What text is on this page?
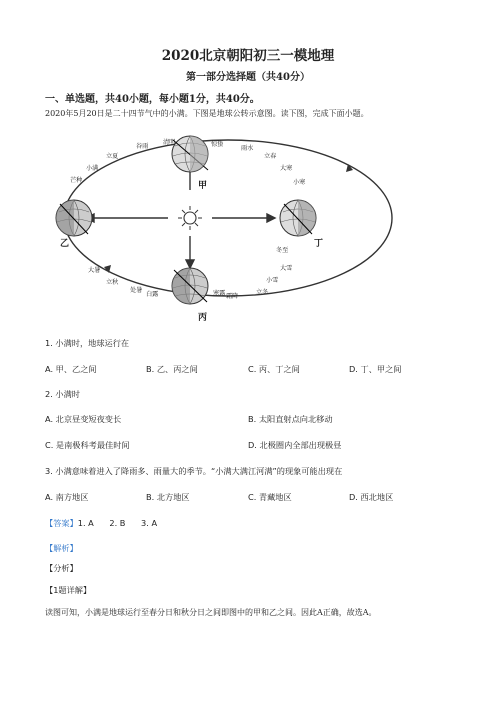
2020北京朝阳初三一模地理
第一部分选择题（共40分）
一、单选题，共40小题，每小题1分，共40分。
2020年5月20日是二十四节气中的小满。下图是地球公转示意图。读下图，完成下面小题。
甲
乙
丙
丁
清明
谷雨
立夏
小满
芒种
惊蛰
雨水
立春
大寒
小寒
冬至
大雪
小雪
立冬
霜降
寒露
白露
处暑
立秋
大暑
1. 小满时，地球运行在
A. 甲、乙之间	B. 乙、丙之间	C. 丙、丁之间	D. 丁、甲之间
2. 小满时
A. 北京昼变短夜变长	B. 太阳直射点向北移动
C. 是南极科考最佳时间	D. 北极圈内全部出现极昼
3. 小满意味着进入了降雨多、雨量大的季节。“小满大满江河满”的现象可能出现在
A. 南方地区	B. 北方地区	C. 青藏地区	D. 西北地区
【答案】1. A      2. B      3. A
【解析】
【分析】
【1题详解】
读图可知，小满是地球运行至春分日和秋分日之间即图中的甲和乙之间。因此A正确，故选A。
